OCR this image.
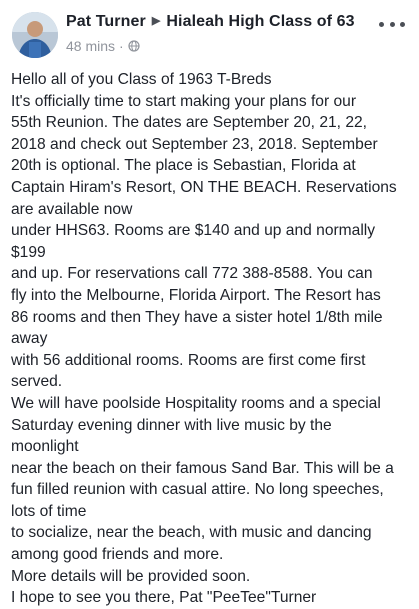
Pat Turner ▶ Hialeah High Class of 63
48 mins ·
Hello all of you Class of 1963 T-Breds
It's officially time to start making your plans for our
55th Reunion. The dates are September 20, 21, 22,
2018 and check out September 23, 2018. September
20th is optional. The place is Sebastian, Florida at
Captain Hiram's Resort, ON THE BEACH. Reservations
are available now
under HHS63. Rooms are $140 and up and normally
$199
and up. For reservations call 772 388-8588. You can
fly into the Melbourne, Florida Airport. The Resort has
86 rooms and then They have a sister hotel 1/8th mile
away
with 56 additional rooms. Rooms are first come first
served.
We will have poolside Hospitality rooms and a special
Saturday evening dinner with live music by the
moonlight
near the beach on their famous Sand Bar. This will be a
fun filled reunion with casual attire. No long speeches,
lots of time
to socialize, near the beach, with music and dancing
among good friends and more.
More details will be provided soon.
I hope to see you there, Pat "PeeTee"Turner
